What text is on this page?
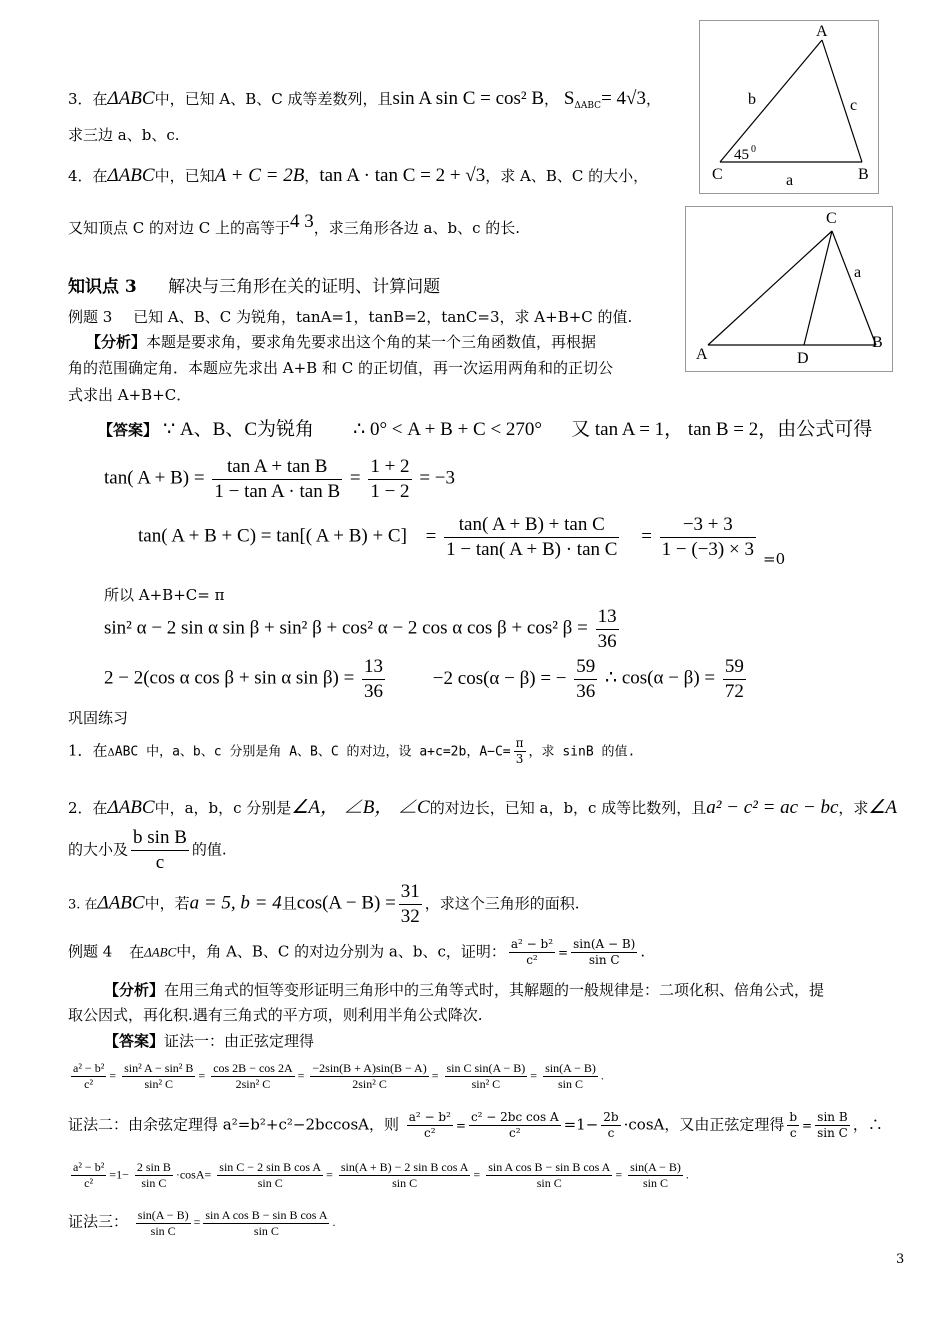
A
b	c
45 0
C	a	B
C
a
A	D
B
3．在ΔABC中，已知 A、B、C 成等差数列，且sin A sin C = cos² B， $S_{\Delta ABC}= 4√3$，
求三边 a、b、c.
4．在ΔABC中，已知A + C = 2B，tan A · tan C = 2 + √3，求 A、B、C 的大小，
又知顶点 C 的对边 C 上的高等于4 3，求三角形各边 a、b、c 的长.
知识点 3 解决与三角形在关的证明、计算问题
例题 3 已知 A、B、C 为锐角，tanA=1，tanB=2，tanC=3，求 A+B+C 的值.
【分析】本题是要求角，要求角先要求出这个角的某一个三角函数值，再根据
角的范围确定角．本题应先求出 A+B 和 C 的正切值，再一次运用两角和的正切公
式求出 A+B+C．
【答案】 ∵ A、B、C为锐角 ∴ 0° < A + B + C < 270° 又 tan A = 1， tan B = 2，由公式可得
tan( $A + B) = \frac{\text{tan A + tan B}}{\text{1 − tan A · tan B}} = \frac{1 + 2}{1 - 2} = -3$
tan( A + B + C) = tan[( $A + B) + C] = \frac{\text{tan( A + B) + tan C}}{\text{1 − tan( A + B) · tan C}} = \frac{-3 + 3}{1 - (-3) \times 3} =0$
所以 A+B+C= π
sin² α − 2 sin α sin β + sin² β + cos² α − 2 cos α cos β + cos² $\beta = \frac{13}{36}$
2 − 2(cos α cos β + sin α $\sin \beta) = \frac{13}{36}$	−2 cos(α − β) = − $\frac{59}{36}$ ∴ $\cos(\alpha - \beta) = \frac{59}{72}$
巩固练习
1．在ΔABC 中，a、b、c 分别是角 A、B、C 的对边，设 a+c=2b，$A-C= \frac{\pi}{3}$ ，求 sinB 的值.
2．在ΔABC中，a，b，c 分别是∠A， ∠B， ∠C的对边长，已知 a，b，c 成等比数列，且a² − c² = ac − bc，求∠A
的大小及 $\frac{\text{b sin B}}{c}$ 的值.
3. 在ΔABC中，若a = 5, b = 4且$\cos(A - B) = \frac{31}{32}$ ，求这个三角形的面积.
例题 4 在ΔABC中，角 A、B、C 的对边分别为 a、b、c，证明： $\frac{\text{a² − b²}}{\text{c²}} = \frac{\sin(A - B)}{\text{sin C}}$ .
【分析】在用三角式的恒等变形证明三角形中的三角等式时，其解题的一般规律是：二项化积、倍角公式，提
取公因式，再化积.遇有三角式的平方项，则利用半角公式降次.
【答案】证法一：由正弦定理得
$\frac{\text{a² − b²}}{\text{c²}} = \frac{\text{sin² A − sin² B}}{\text{sin² C}} = \frac{\cos 2B - \cos 2A}{\text{2sin² C}} = \frac{-2\sin(B + A)\sin(B - A)}{\text{2sin² C}} = \frac{\text{sin C sin(A − B)}}{\text{sin² C}} = \frac{\sin(A - B)}{\text{sin C}}$ .
证法二：由余弦定理得 a²=b²+c²−2bccosA，则 $\frac{\text{a² − b²}}{\text{c²}} = \frac{\text{c² − 2bc cos A}}{\text{c²}} =1- \frac{2b}{c} \cdot\cos A$，又由正弦定理得 $\frac{b}{c} = \frac{\text{sin B}}{\text{sin C}}$ ，∴
$\frac{\text{a² − b²}}{\text{c²}} =1- \frac{\text{2 sin B}}{\text{sin C}} \cdot\cos A= \frac{\text{sin C − 2 sin B cos A}}{\text{sin C}} = \frac{\text{sin(A + B) − 2 sin B cos A}}{\text{sin C}} = \frac{\text{sin A cos B − sin B cos A}}{\text{sin C}} = \frac{\sin(A - B)}{\text{sin C}}$ .
证法三： $\frac{\sin(A - B)}{\text{sin C}} = \frac{\text{sin A cos B − sin B cos A}}{\text{sin C}}$ .
3
